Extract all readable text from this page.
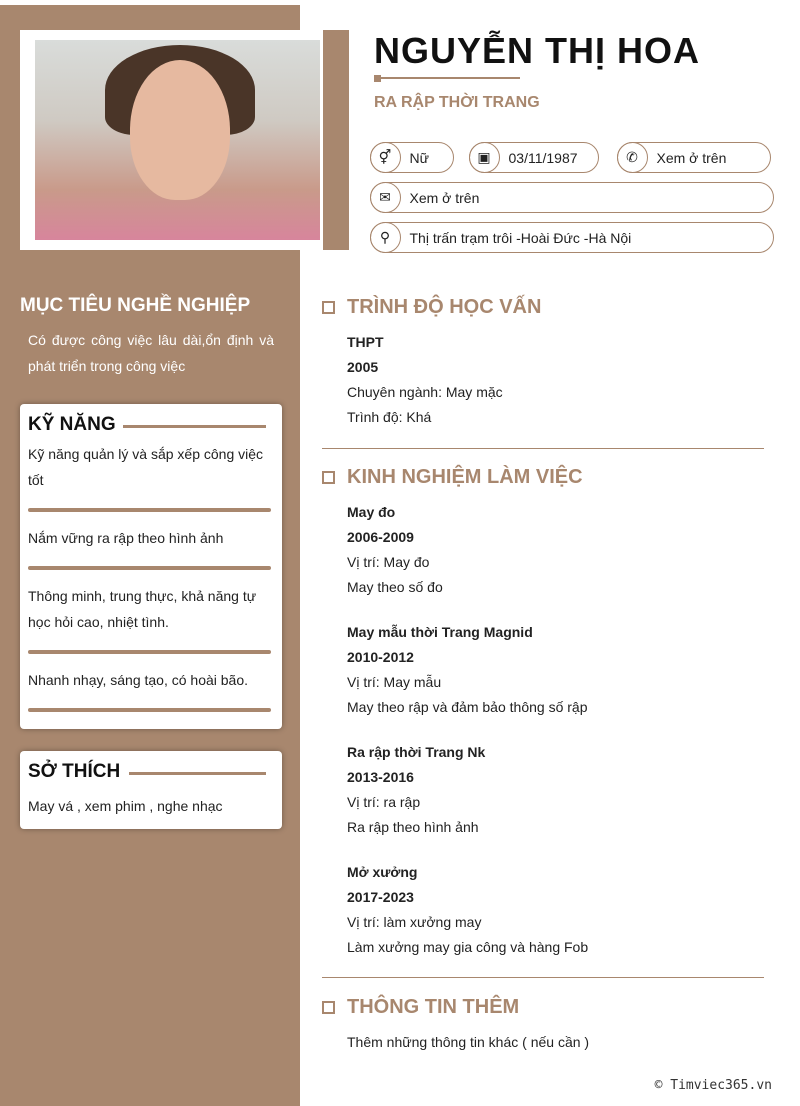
NGUYỄN THỊ HOA
RA RẬP THỜI TRANG
⚥	Nữ	▣	03/11/1987	✆	Xem ở trên
✉	Xem ở trên
⚲	Thị trấn trạm trôi -Hoài Đức -Hà Nội
MỤC TIÊU NGHỀ NGHIỆP
Có được công việc lâu dài,ổn định và phát triển trong công việc
KỸ NĂNG
Kỹ năng quản lý và sắp xếp công việc tốt
Nắm vững ra rập theo hình ảnh
Thông minh, trung thực, khả năng tự học hỏi cao, nhiệt tình.
Nhanh nhạy, sáng tạo, có hoài bão.
SỞ THÍCH
May vá , xem phim , nghe nhạc
TRÌNH ĐỘ HỌC VẤN
THPT
2005
Chuyên ngành: May mặc
Trình độ: Khá
KINH NGHIỆM LÀM VIỆC
May đo
2006-2009
Vị trí: May đo
May theo số đo
May mẫu thời Trang Magnid
2010-2012
Vị trí: May mẫu
May theo rập và đảm bảo thông số rập
Ra rập thời Trang Nk
2013-2016
Vị trí: ra rập
Ra rập theo hình ảnh
Mở xưởng
2017-2023
Vị trí: làm xưởng may
Làm xưởng may gia công và hàng Fob
THÔNG TIN THÊM
Thêm những thông tin khác ( nếu cần )
© Timviec365.vn
